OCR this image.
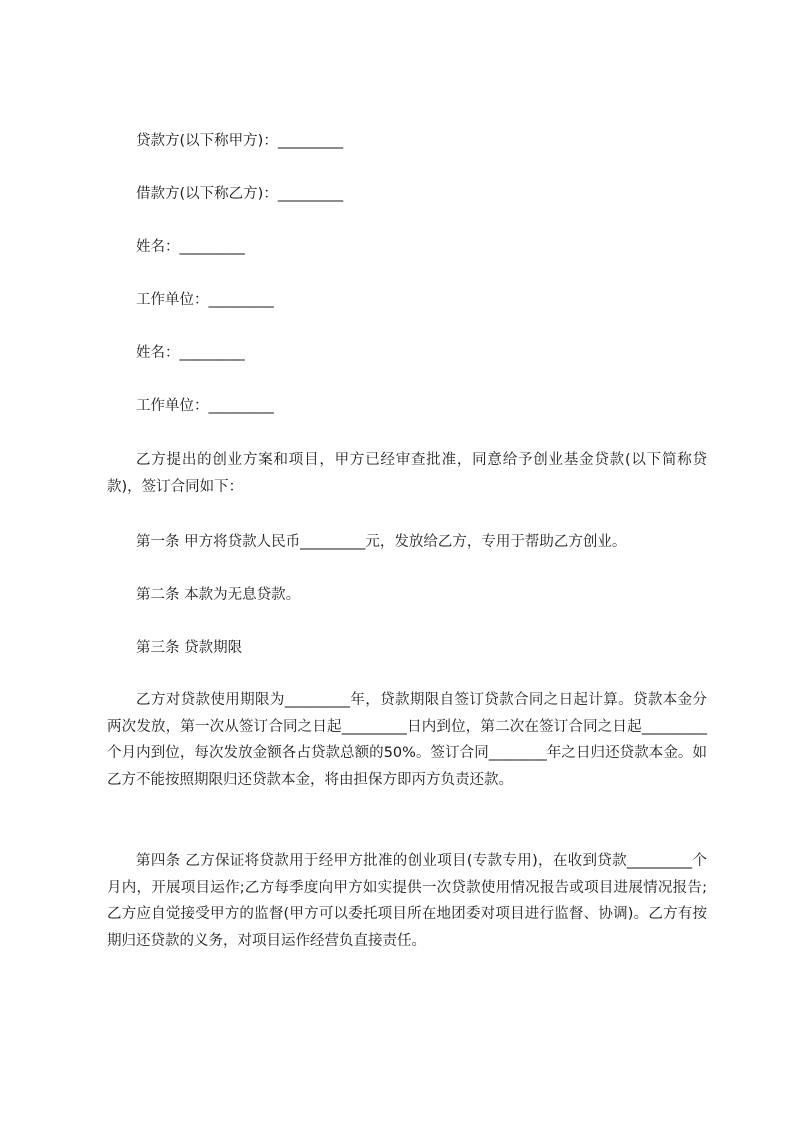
贷款方(以下称甲方)：_________
借款方(以下称乙方)：_________
姓名：_________
工作单位：_________
姓名：_________
工作单位：_________
乙方提出的创业方案和项目，甲方已经审查批准，同意给予创业基金贷款(以下简称贷款)，签订合同如下：
第一条 甲方将贷款人民币_________元，发放给乙方，专用于帮助乙方创业。
第二条 本款为无息贷款。
第三条 贷款期限
乙方对贷款使用期限为_________年，贷款期限自签订贷款合同之日起计算。贷款本金分两次发放，第一次从签订合同之日起_________日内到位，第二次在签订合同之日起_________个月内到位，每次发放金额各占贷款总额的50%。签订合同________年之日归还贷款本金。如乙方不能按照期限归还贷款本金，将由担保方即丙方负责还款。
第四条 乙方保证将贷款用于经甲方批准的创业项目(专款专用)，在收到贷款_________个月内，开展项目运作;乙方每季度向甲方如实提供一次贷款使用情况报告或项目进展情况报告;乙方应自觉接受甲方的监督(甲方可以委托项目所在地团委对项目进行监督、协调)。乙方有按期归还贷款的义务，对项目运作经营负直接责任。
